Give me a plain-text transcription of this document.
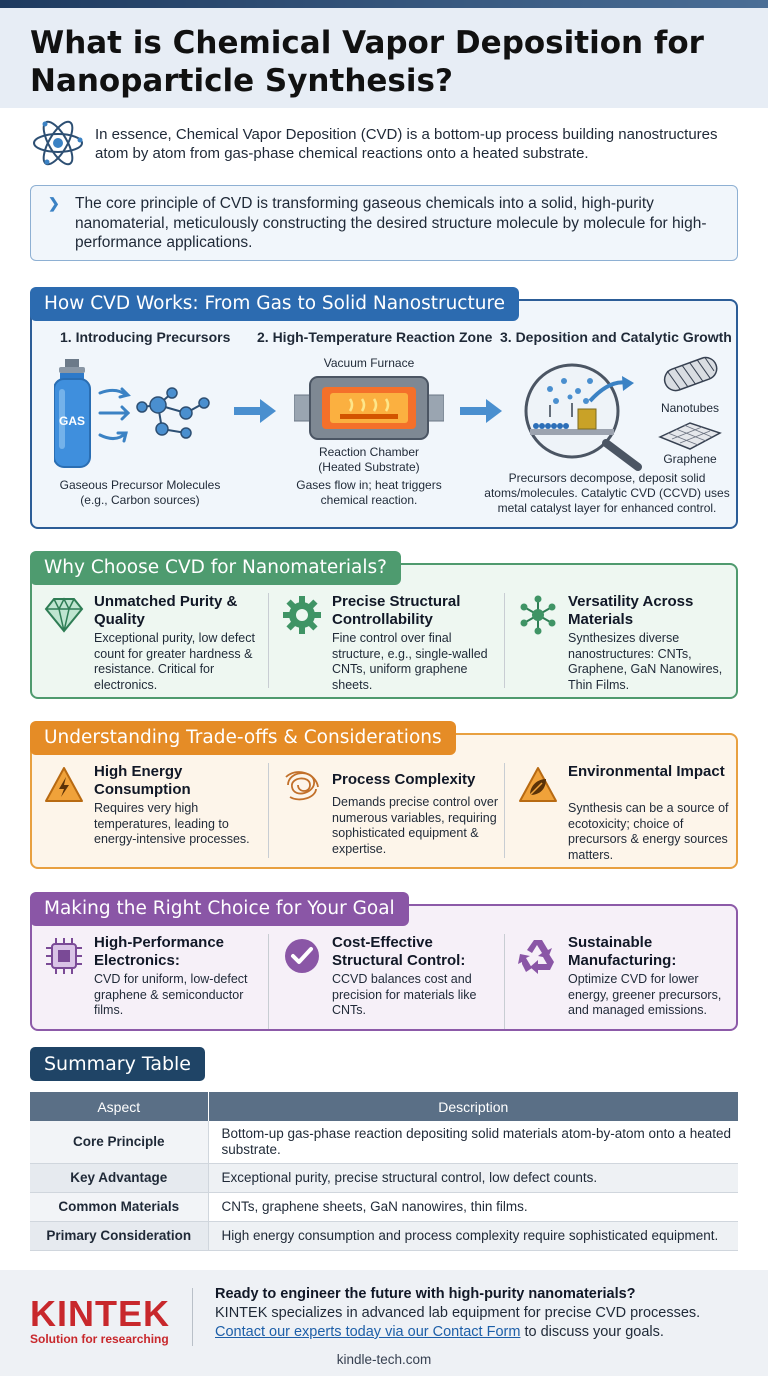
What is Chemical Vapor Deposition for Nanoparticle Synthesis?

In essence, Chemical Vapor Deposition (CVD) is a bottom-up process building nanostructures atom by atom from gas-phase chemical reactions onto a heated substrate.

❯ The core principle of CVD is transforming gaseous chemicals into a solid, high-purity nanomaterial, meticulously constructing the desired structure molecule by molecule for high-performance applications.

How CVD Works: From Gas to Solid Nanostructure
1. Introducing Precursors 2. High-Temperature Reaction Zone 3. Deposition and Catalytic Growth
GAS
Gaseous Precursor Molecules
(e.g., Carbon sources)
Vacuum Furnace
Reaction Chamber
(Heated Substrate)
Gases flow in; heat triggers
chemical reaction.
Nanotubes
Graphene
Precursors decompose, deposit solid
atoms/molecules. Catalytic CVD (CCVD) uses
metal catalyst layer for enhanced control.
Why Choose CVD for Nanomaterials?
Unmatched Purity & Quality

Exceptional purity, low defect count for greater hardness & resistance. Critical for electronics.

Precise Structural Controllability

Fine control over final structure, e.g., single-walled CNTs, uniform graphene sheets.

Versatility Across Materials

Synthesizes diverse nanostructures: CNTs, Graphene, GaN Nanowires, Thin Films.

Understanding Trade-offs & Considerations
High Energy Consumption

Requires very high temperatures, leading to energy-intensive processes.

Process Complexity

Demands precise control over numerous variables, requiring sophisticated equipment & expertise.

Environmental Impact

Synthesis can be a source of ecotoxicity; choice of precursors & energy sources matters.

Making the Right Choice for Your Goal
High-Performance Electronics:

CVD for uniform, low-defect graphene & semiconductor films.

Cost-Effective Structural Control:

CCVD balances cost and precision for materials like CNTs.

Sustainable Manufacturing:

Optimize CVD for lower energy, greener precursors, and managed emissions.

Summary Table
Aspect	Description
Core Principle	Bottom-up gas-phase reaction depositing solid materials atom-by-atom onto a heated substrate.
Key Advantage	Exceptional purity, precise structural control, low defect counts.
Common Materials	CNTs, graphene sheets, GaN nanowires, thin films.
Primary Consideration	High energy consumption and process complexity require sophisticated equipment.
KINTEK
Solution for researching
Ready to engineer the future with high-purity nanomaterials?
KINTEK specializes in advanced lab equipment for precise CVD processes.
Contact our experts today via our Contact Form to discuss your goals.
kindle-tech.com
